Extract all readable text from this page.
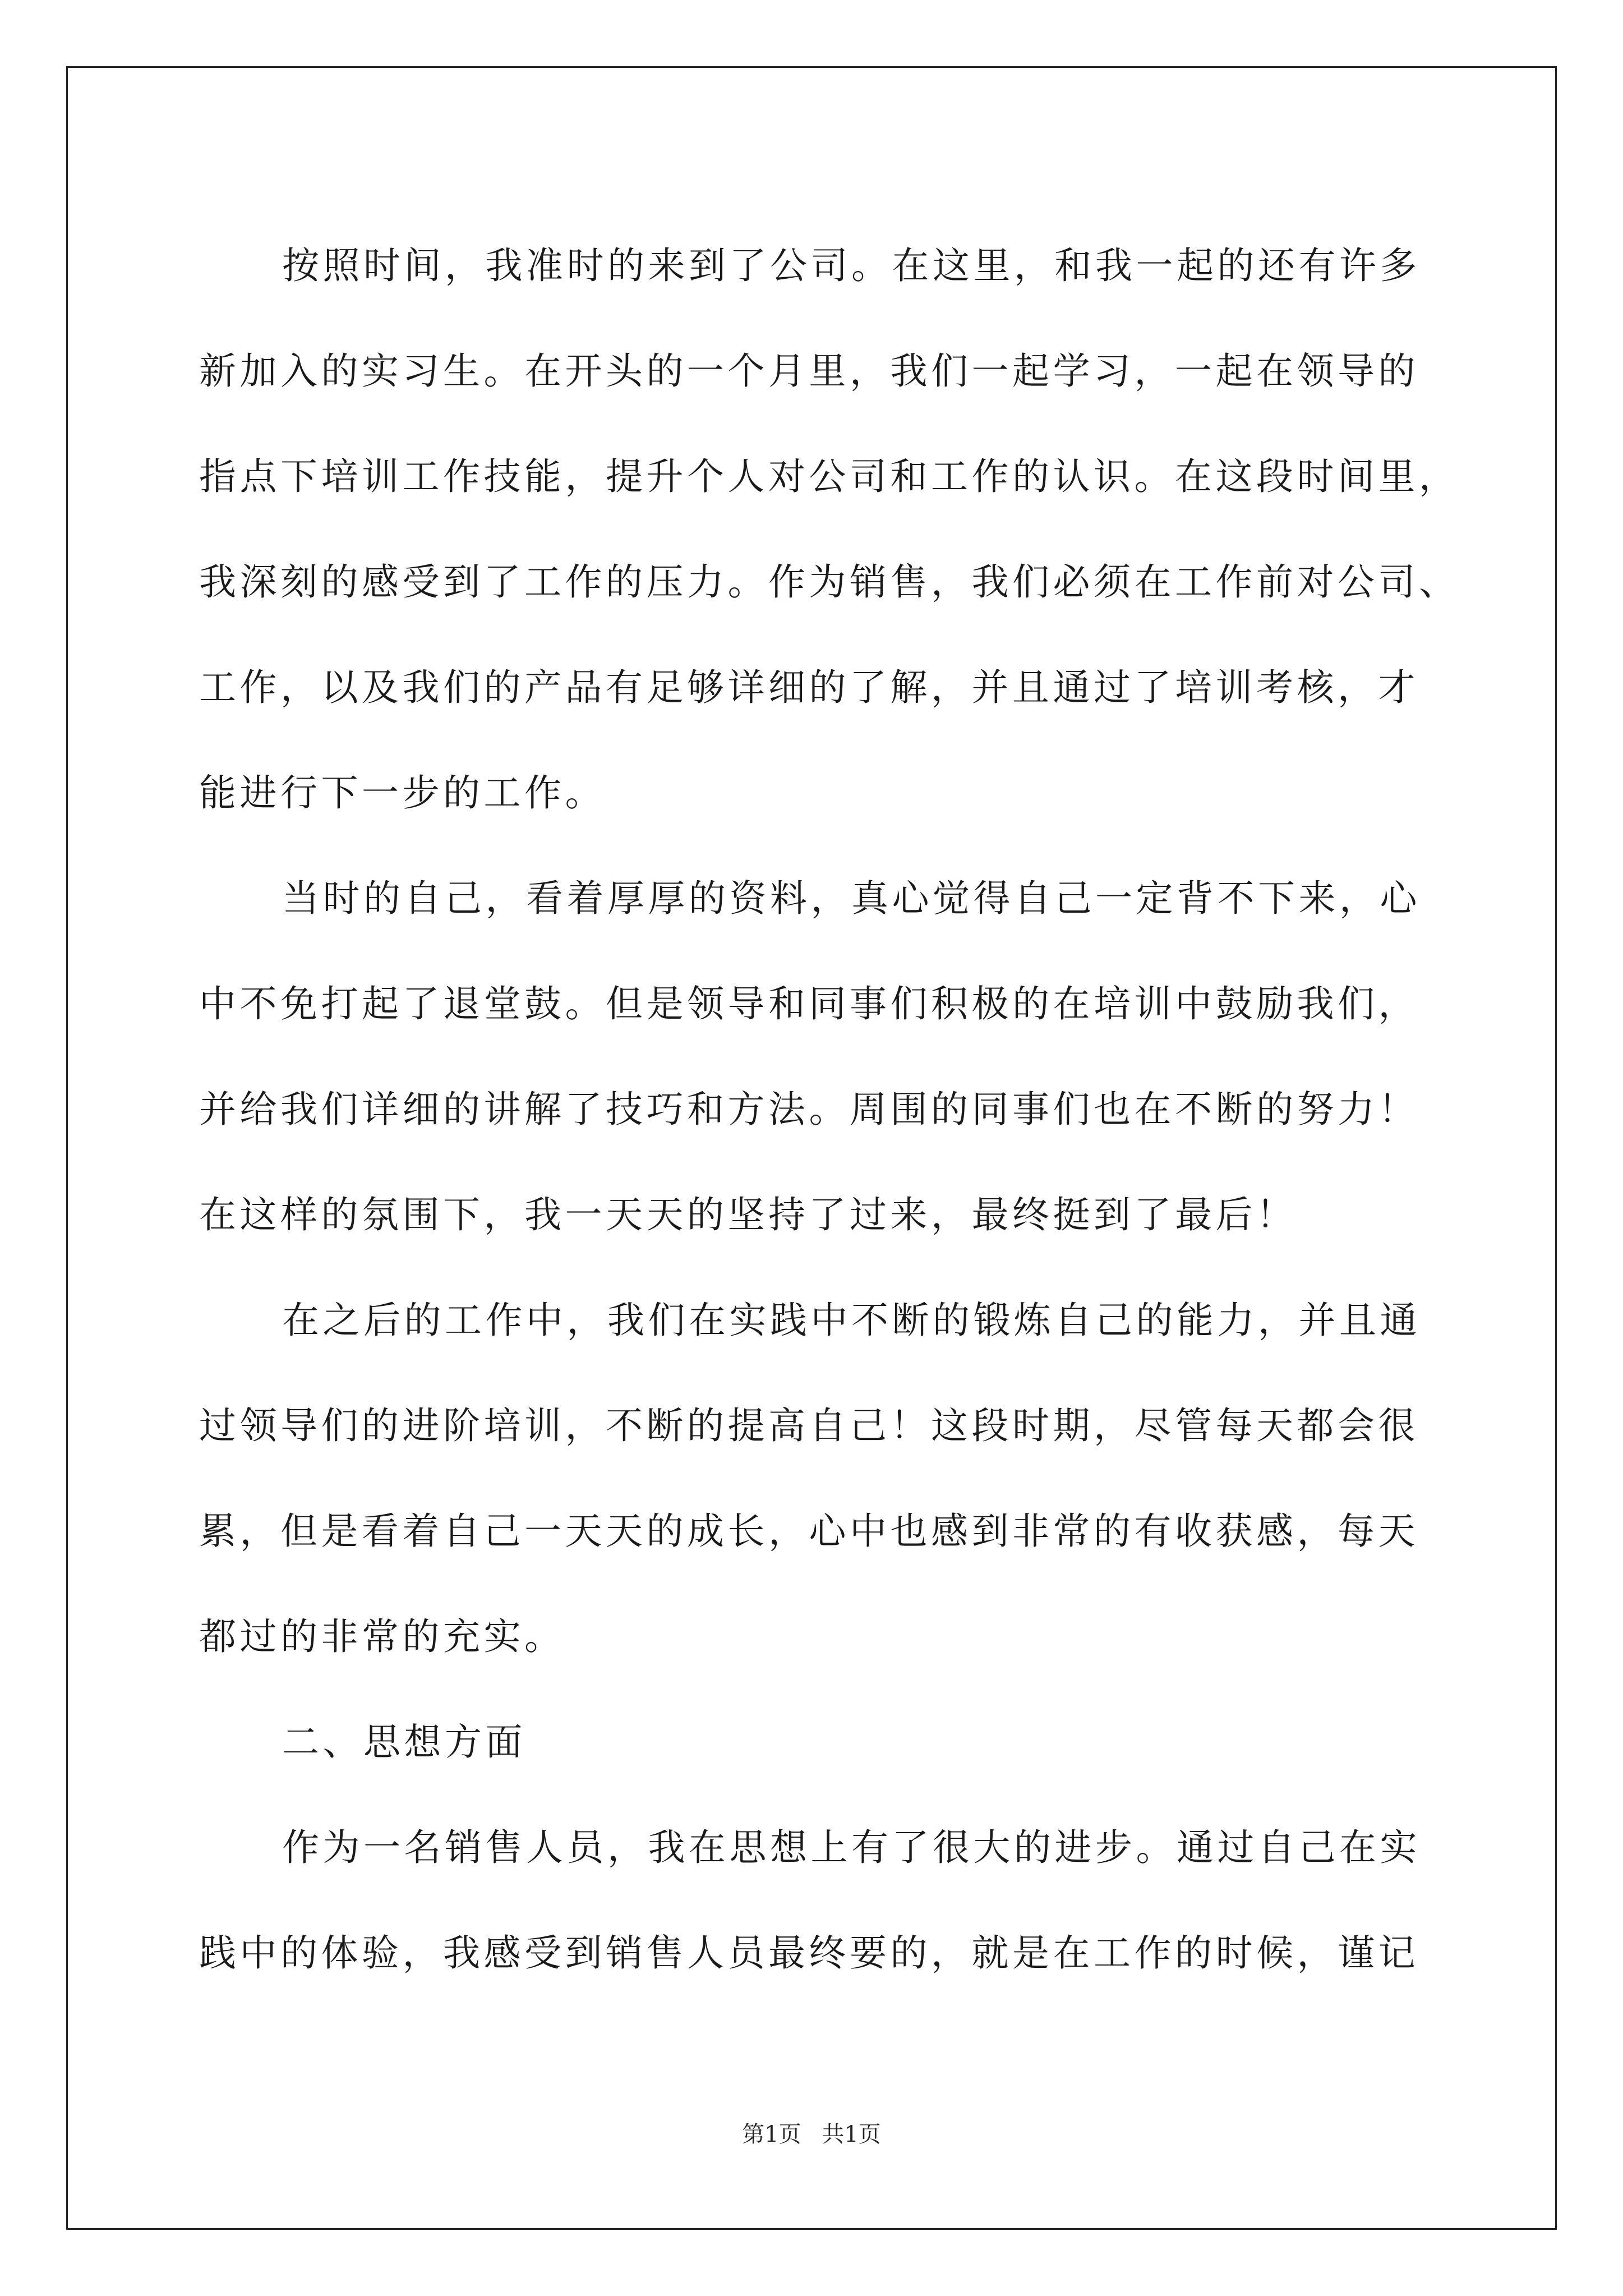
按照时间，我准时的来到了公司。在这里，和我一起的还有许多
新加入的实习生。在开头的一个月里，我们一起学习，一起在领导的
指点下培训工作技能，提升个人对公司和工作的认识。在这段时间里，
我深刻的感受到了工作的压力。作为销售，我们必须在工作前对公司、
工作，以及我们的产品有足够详细的了解，并且通过了培训考核，才
能进行下一步的工作。
当时的自己，看着厚厚的资料，真心觉得自己一定背不下来，心
中不免打起了退堂鼓。但是领导和同事们积极的在培训中鼓励我们，
并给我们详细的讲解了技巧和方法。周围的同事们也在不断的努力！
在这样的氛围下，我一天天的坚持了过来，最终挺到了最后！
在之后的工作中，我们在实践中不断的锻炼自己的能力，并且通
过领导们的进阶培训，不断的提高自己！这段时期，尽管每天都会很
累，但是看着自己一天天的成长，心中也感到非常的有收获感，每天
都过的非常的充实。
二、思想方面
作为一名销售人员，我在思想上有了很大的进步。通过自己在实
践中的体验，我感受到销售人员最终要的，就是在工作的时候，谨记
第1页 共1页
